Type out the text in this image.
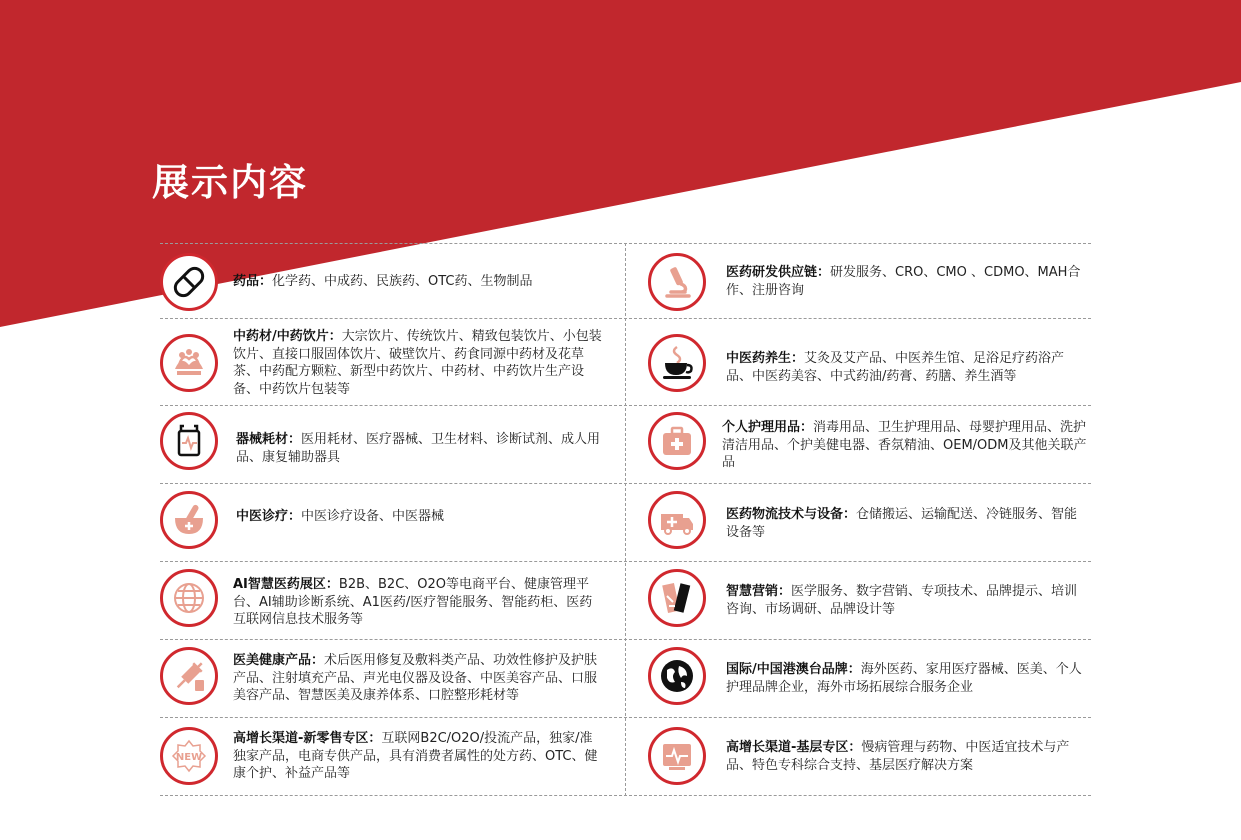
展示内容
药品：化学药、中成药、民族药、OTC药、生物制品
医药研发供应链：研发服务、CRO、CMO 、CDMO、MAH合作、注册咨询
中药材/中药饮片：大宗饮片、传统饮片、精致包装饮片、小包装饮片、直接口服固体饮片、破壁饮片、药食同源中药材及花草茶、中药配方颗粒、新型中药饮片、中药材、中药饮片生产设备、中药饮片包装等
中医药养生：艾灸及艾产品、中医养生馆、足浴足疗药浴产品、中医药美容、中式药油/药膏、药膳、养生酒等
器械耗材：医用耗材、医疗器械、卫生材料、诊断试剂、成人用品、康复辅助器具
个人护理用品：消毒用品、卫生护理用品、母婴护理用品、洗护清洁用品、个护美健电器、香氛精油、OEM/ODM及其他关联产品
中医诊疗：中医诊疗设备、中医器械	医药物流技术与设备：仓储搬运、运输配送、冷链服务、智能设备等
AI智慧医药展区：B2B、B2C、O2O等电商平台、健康管理平台、AI辅助诊断系统、A1医药/医疗智能服务、智能药柜、医药互联网信息技术服务等
智慧营销：医学服务、数字营销、专项技术、品牌提示、培训咨询、市场调研、品牌设计等
医美健康产品：术后医用修复及敷料类产品、功效性修护及护肤产品、注射填充产品、声光电仪器及设备、中医美容产品、口服美容产品、智慧医美及康养体系、口腔整形耗材等
国际/中国港澳台品牌：海外医药、家用医疗器械、医美、个人护理品牌企业，海外市场拓展综合服务企业
NEW
高增长渠道-新零售专区：互联网B2C/O2O/投流产品，独家/准独家产品，电商专供产品，具有消费者属性的处方药、OTC、健康个护、补益产品等
高增长渠道-基层专区：慢病管理与药物、中医适宜技术与产品、特色专科综合支持、基层医疗解决方案
